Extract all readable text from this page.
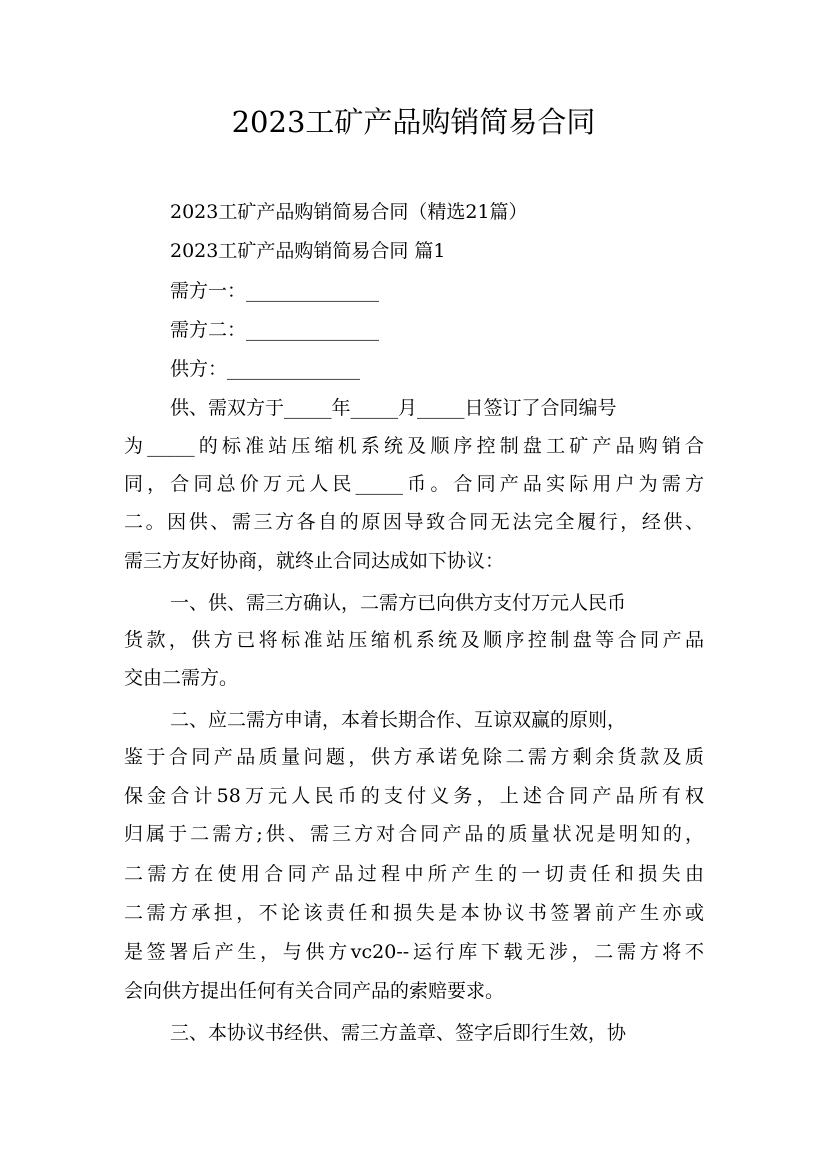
2023工矿产品购销简易合同
2023工矿产品购销简易合同（精选21篇）
2023工矿产品购销简易合同 篇1
需方一：______________
需方二：______________
供方：______________
供、需双方于_____年_____月_____日签订了合同编号
为_____的标准站压缩机系统及顺序控制盘工矿产品购销合
同，合同总价万元人民_____币。合同产品实际用户为需方
二。因供、需三方各自的原因导致合同无法完全履行，经供、
需三方友好协商，就终止合同达成如下协议：
一、供、需三方确认，二需方已向供方支付万元人民币
货款，供方已将标准站压缩机系统及顺序控制盘等合同产品
交由二需方。
二、应二需方申请，本着长期合作、互谅双赢的原则，
鉴于合同产品质量问题，供方承诺免除二需方剩余货款及质
保金合计58万元人民币的支付义务，上述合同产品所有权
归属于二需方;供、需三方对合同产品的质量状况是明知的，
二需方在使用合同产品过程中所产生的一切责任和损失由
二需方承担，不论该责任和损失是本协议书签署前产生亦或
是签署后产生，与供方vc20--运行库下载无涉，二需方将不
会向供方提出任何有关合同产品的索赔要求。
三、本协议书经供、需三方盖章、签字后即行生效，协
